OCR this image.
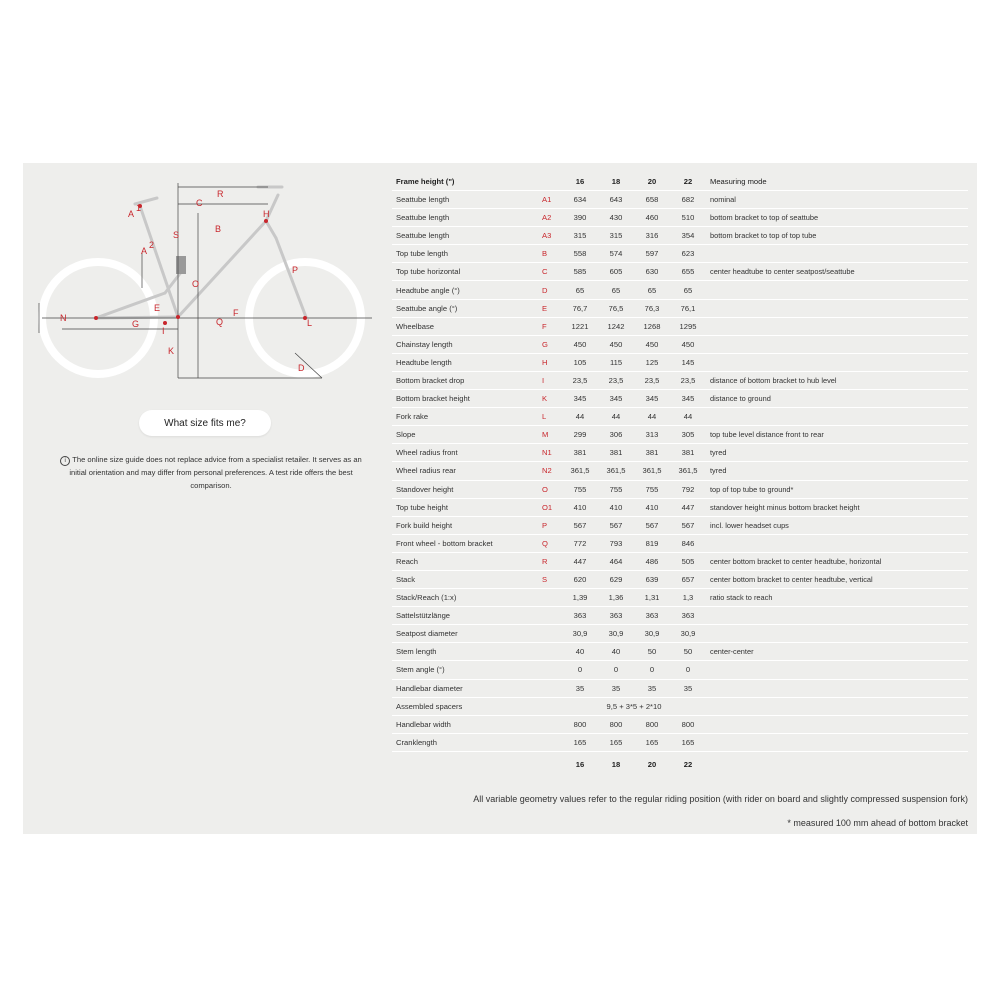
R
C
H
A
1
A
2
S
B
P
O
E	F
N
G
I
Q	L
K
D
What size fits me?

i The online size guide does not replace advice from a specialist retailer. It serves as an initial orientation and may differ from personal preferences. A test ride offers the best comparison.

Frame height (")		16	18	20	22	Measuring mode
Seattube length	A1	634	643	658	682	nominal
Seattube length	A2	390	430	460	510	bottom bracket to top of seattube
Seattube length	A3	315	315	316	354	bottom bracket to top of top tube
Top tube length	B	558	574	597	623	
Top tube horizontal	C	585	605	630	655	center headtube to center seatpost/seattube
Headtube angle (°)	D	65	65	65	65	
Seattube angle (°)	E	76,7	76,5	76,3	76,1	
Wheelbase	F	1221	1242	1268	1295	
Chainstay length	G	450	450	450	450	
Headtube length	H	105	115	125	145	
Bottom bracket drop	I	23,5	23,5	23,5	23,5	distance of bottom bracket to hub level
Bottom bracket height	K	345	345	345	345	distance to ground
Fork rake	L	44	44	44	44	
Slope	M	299	306	313	305	top tube level distance front to rear
Wheel radius front	N1	381	381	381	381	tyred
Wheel radius rear	N2	361,5	361,5	361,5	361,5	tyred
Standover height	O	755	755	755	792	top of top tube to ground*
Top tube height	O1	410	410	410	447	standover height minus bottom bracket height
Fork build height	P	567	567	567	567	incl. lower headset cups
Front wheel - bottom bracket	Q	772	793	819	846	
Reach	R	447	464	486	505	center bottom bracket to center headtube, horizontal
Stack	S	620	629	639	657	center bottom bracket to center headtube, vertical
Stack/Reach (1:x)		1,39	1,36	1,31	1,3	ratio stack to reach
Sattelstützlänge		363	363	363	363	
Seatpost diameter		30,9	30,9	30,9	30,9	
Stem length		40	40	50	50	center-center
Stem angle (°)		0	0	0	0	
Handlebar diameter		35	35	35	35	
Assembled spacers		9,5 + 3*5 + 2*10				
Handlebar width		800	800	800	800	
Cranklength		165	165	165	165	
		16	18	20	22	

All variable geometry values refer to the regular riding position (with rider on board and slightly compressed suspension fork)

* measured 100 mm ahead of bottom bracket
